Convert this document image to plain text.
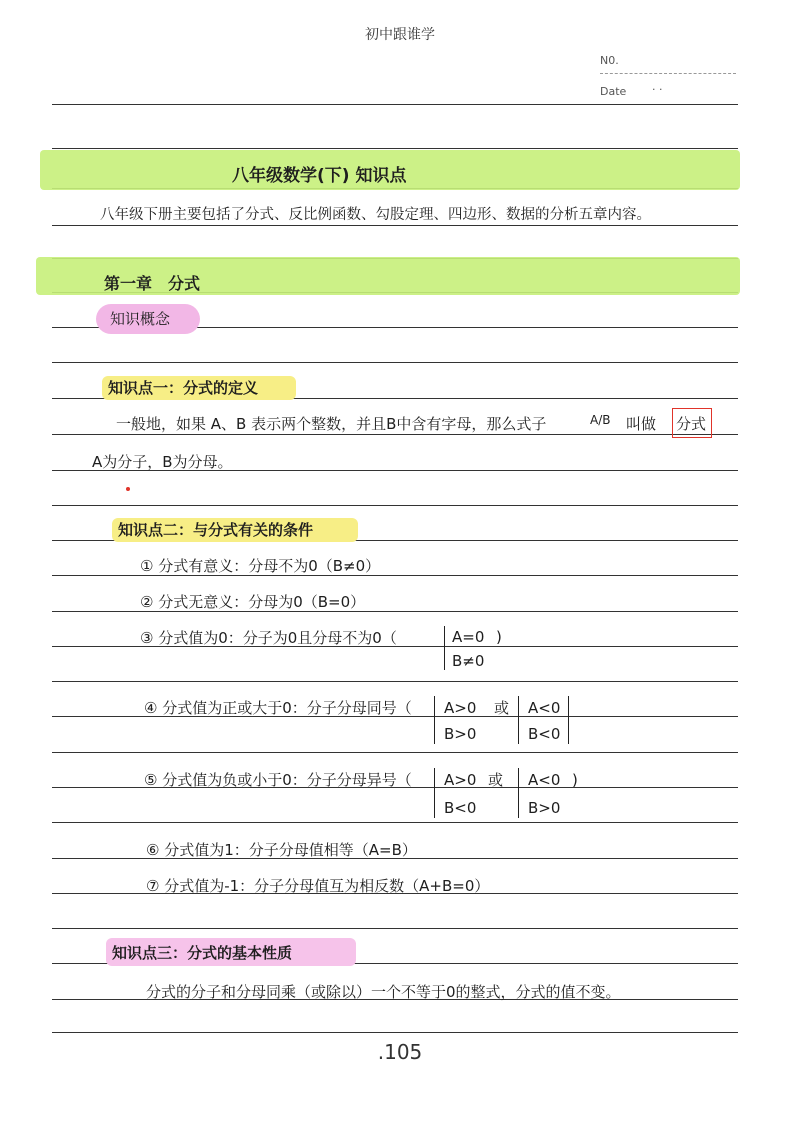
初中跟谁学
N0.
Date · ·
八年级数学(下) 知识点
八年级下册主要包括了分式、反比例函数、勾股定理、四边形、数据的分析五章内容。
第一章　分式
知识概念
知识点一：分式的定义
一般地，如果 A、B 表示两个整数，并且B中含有字母，那么式子	A/B 叫做 分式
A为分子，B为分母。
知识点二：与分式有关的条件
① 分式有意义：分母不为0（B≠0）
② 分式无意义：分母为0（B=0）
③ 分式值为0：分子为0且分母不为0（	A=0 )
B≠0
④ 分式值为正或大于0：分子分母同号（ A>0
B>0
或 A<0
B<0
⑤ 分式值为负或小于0：分子分母异号（ A>0
B<0
或 A<0
B>0
)
⑥ 分式值为1：分子分母值相等（A=B）
⑦ 分式值为-1：分子分母值互为相反数（A+B=0）
知识点三：分式的基本性质
分式的分子和分母同乘（或除以）一个不等于0的整式，分式的值不变。
.105
